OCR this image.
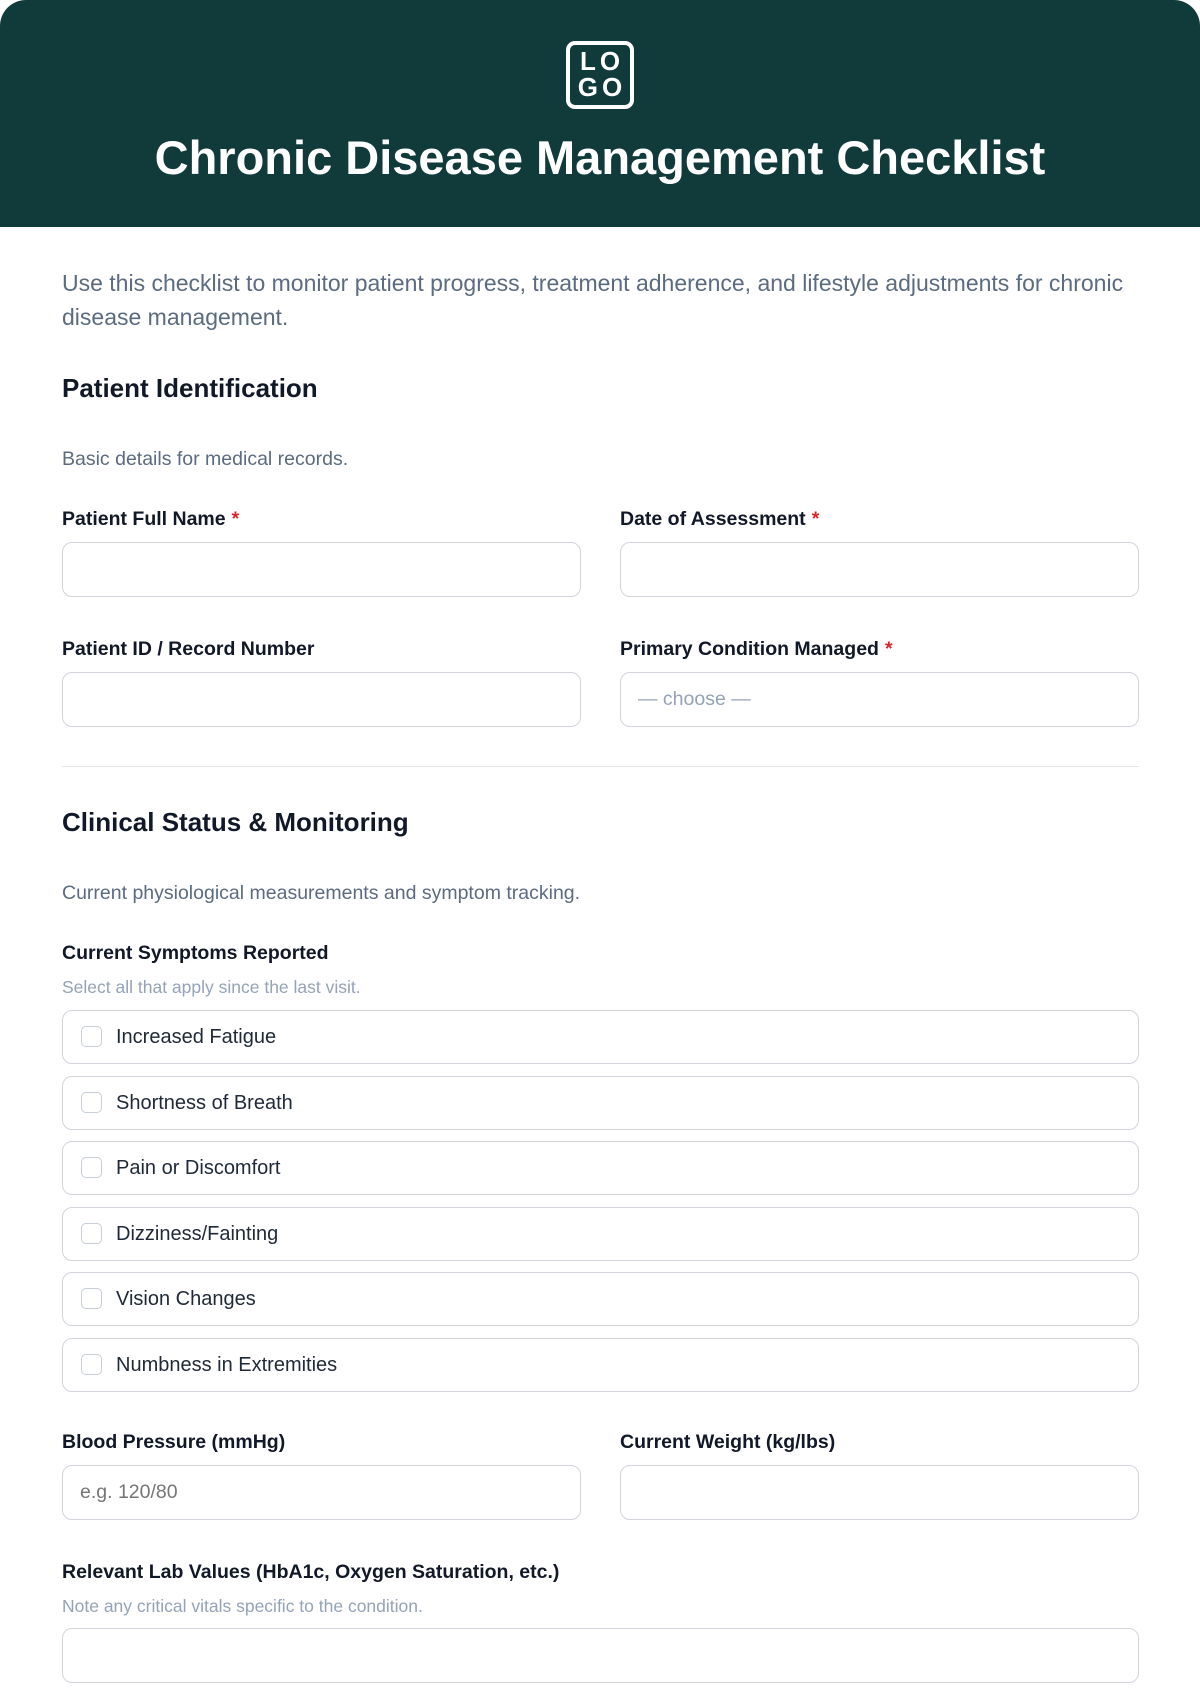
LO
GO
Chronic Disease Management Checklist
Use this checklist to monitor patient progress, treatment adherence, and lifestyle adjustments for chronic disease management.
Patient Identification
Basic details for medical records.
Patient Full Name *	Date of Assessment *
Patient ID / Record Number	Primary Condition Managed *
— choose —
Clinical Status & Monitoring
Current physiological measurements and symptom tracking.
Current Symptoms Reported
Select all that apply since the last visit.
Increased Fatigue
Shortness of Breath
Pain or Discomfort
Dizziness/Fainting
Vision Changes
Numbness in Extremities
Blood Pressure (mmHg)	Current Weight (kg/lbs)
e.g. 120/80
Relevant Lab Values (HbA1c, Oxygen Saturation, etc.)
Note any critical vitals specific to the condition.
